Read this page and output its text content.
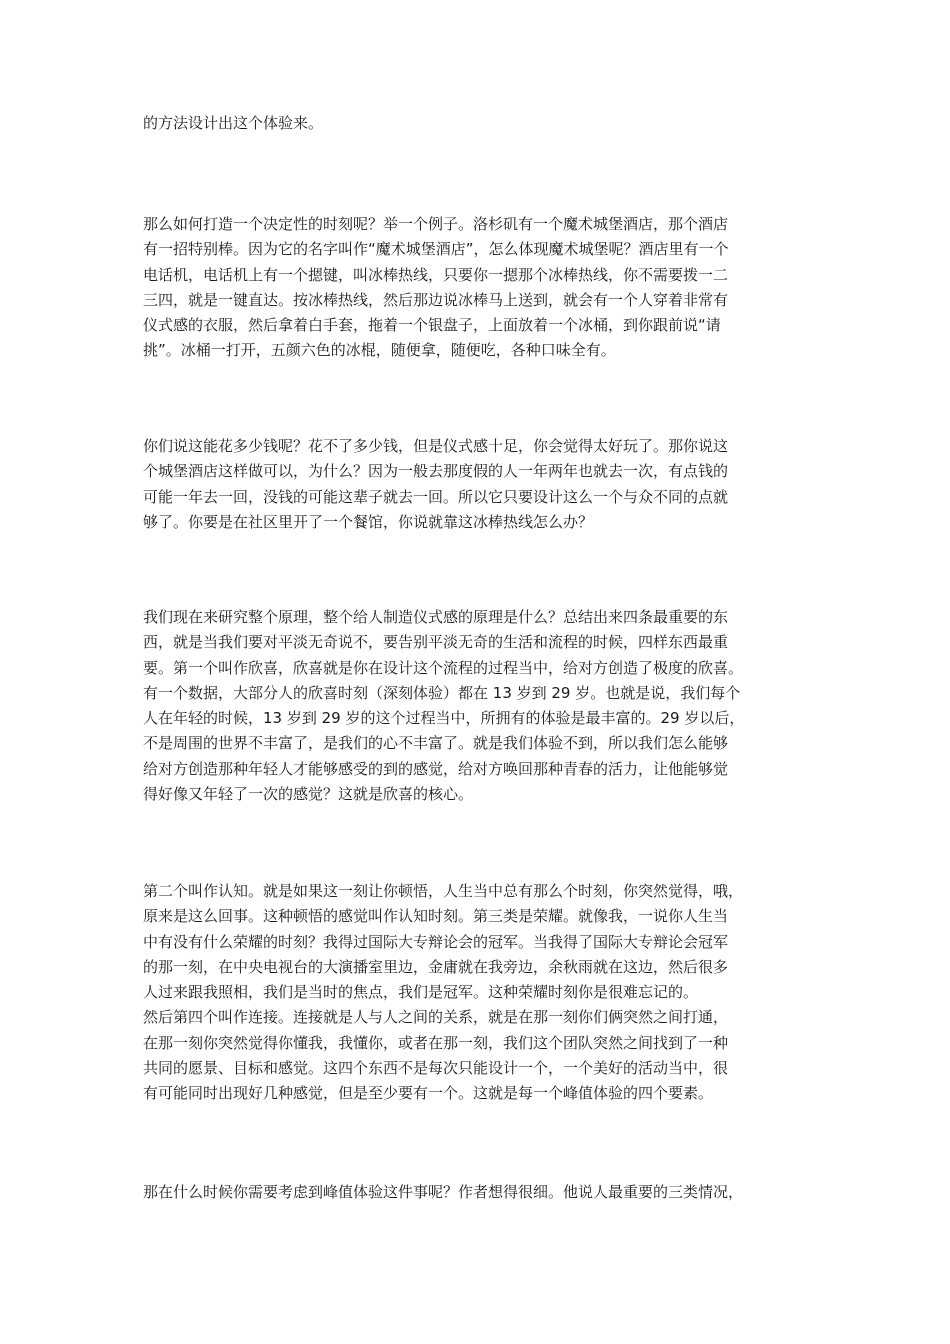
的方法设计出这个体验来。

那么如何打造一个决定性的时刻呢？举一个例子。洛杉矶有一个魔术城堡酒店，那个酒店
有一招特别棒。因为它的名字叫作“魔术城堡酒店”，怎么体现魔术城堡呢？酒店里有一个
电话机，电话机上有一个摁键，叫冰棒热线，只要你一摁那个冰棒热线，你不需要拨一二
三四，就是一键直达。按冰棒热线，然后那边说冰棒马上送到，就会有一个人穿着非常有
仪式感的衣服，然后拿着白手套，拖着一个银盘子，上面放着一个冰桶，到你跟前说“请
挑”。冰桶一打开，五颜六色的冰棍，随便拿，随便吃，各种口味全有。

你们说这能花多少钱呢？花不了多少钱，但是仪式感十足，你会觉得太好玩了。那你说这
个城堡酒店这样做可以，为什么？因为一般去那度假的人一年两年也就去一次，有点钱的
可能一年去一回，没钱的可能这辈子就去一回。所以它只要设计这么一个与众不同的点就
够了。你要是在社区里开了一个餐馆，你说就靠这冰棒热线怎么办？

我们现在来研究整个原理，整个给人制造仪式感的原理是什么？总结出来四条最重要的东
西，就是当我们要对平淡无奇说不，要告别平淡无奇的生活和流程的时候，四样东西最重
要。第一个叫作欣喜，欣喜就是你在设计这个流程的过程当中，给对方创造了极度的欣喜。
有一个数据，大部分人的欣喜时刻（深刻体验）都在 13 岁到 29 岁。也就是说，我们每个
人在年轻的时候，13 岁到 29 岁的这个过程当中，所拥有的体验是最丰富的。29 岁以后，
不是周围的世界不丰富了，是我们的心不丰富了。就是我们体验不到，所以我们怎么能够
给对方创造那种年轻人才能够感受的到的感觉，给对方唤回那种青春的活力，让他能够觉
得好像又年轻了一次的感觉？这就是欣喜的核心。

第二个叫作认知。就是如果这一刻让你顿悟，人生当中总有那么个时刻，你突然觉得，哦，
原来是这么回事。这种顿悟的感觉叫作认知时刻。第三类是荣耀。就像我，一说你人生当
中有没有什么荣耀的时刻？我得过国际大专辩论会的冠军。当我得了国际大专辩论会冠军
的那一刻，在中央电视台的大演播室里边，金庸就在我旁边，余秋雨就在这边，然后很多
人过来跟我照相，我们是当时的焦点，我们是冠军。这种荣耀时刻你是很难忘记的。
然后第四个叫作连接。连接就是人与人之间的关系，就是在那一刻你们俩突然之间打通，
在那一刻你突然觉得你懂我，我懂你，或者在那一刻，我们这个团队突然之间找到了一种
共同的愿景、目标和感觉。这四个东西不是每次只能设计一个，一个美好的活动当中，很
有可能同时出现好几种感觉，但是至少要有一个。这就是每一个峰值体验的四个要素。

那在什么时候你需要考虑到峰值体验这件事呢？作者想得很细。他说人最重要的三类情况，
